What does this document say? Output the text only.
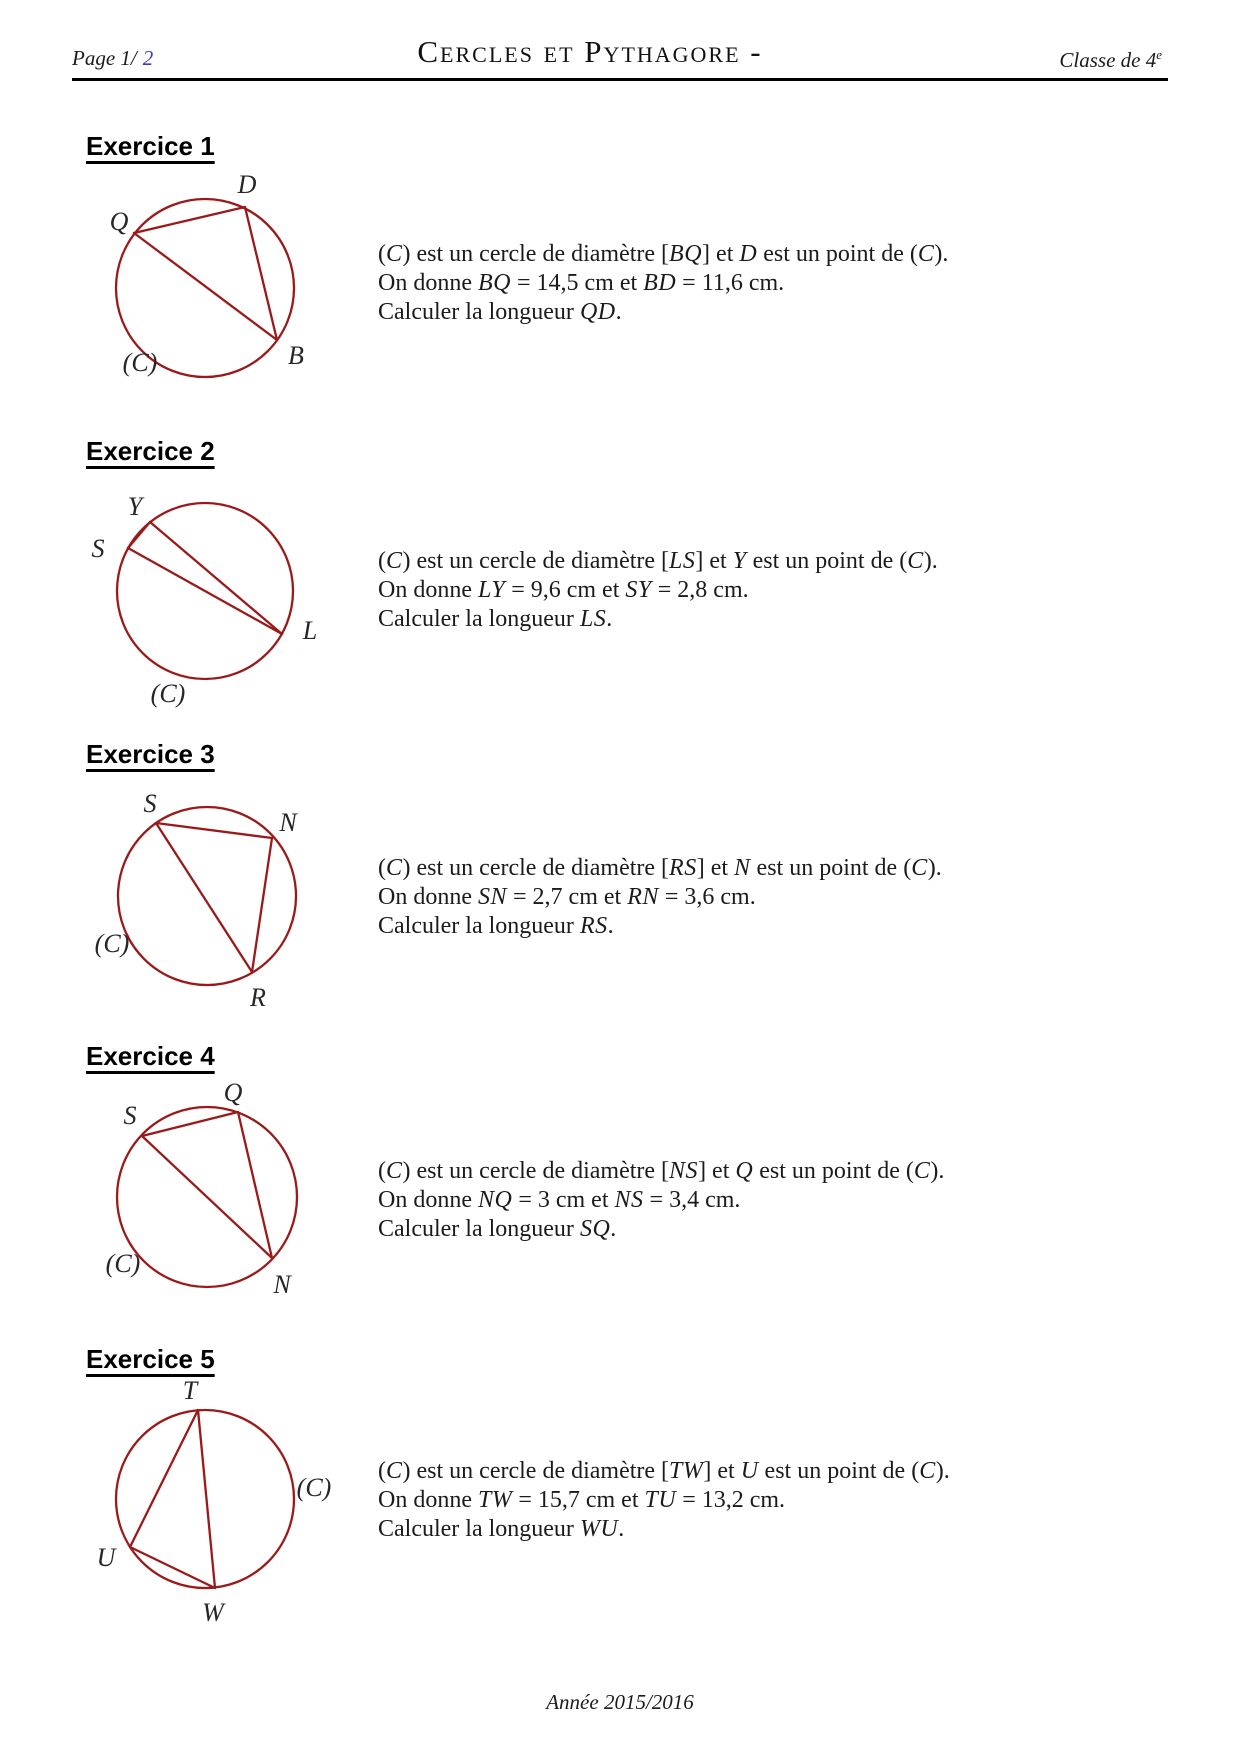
Page 1/ 2	Cercles et Pythagore -	Classe de 4e
Exercice 1
(C) est un cercle de diamètre [BQ] et D est un point de (C).
On donne BQ = 14,5 cm et BD = 11,6 cm.
Calculer la longueur QD.
D
Q
B
(C)
Exercice 2
(C) est un cercle de diamètre [LS] et Y est un point de (C).
On donne LY = 9,6 cm et SY = 2,8 cm.
Calculer la longueur LS.
Y
S
L
(C)
Exercice 3
(C) est un cercle de diamètre [RS] et N est un point de (C).
On donne SN = 2,7 cm et RN = 3,6 cm.
Calculer la longueur RS.
S
N
R
(C)
Exercice 4
(C) est un cercle de diamètre [NS] et Q est un point de (C).
On donne NQ = 3 cm et NS = 3,4 cm.
Calculer la longueur SQ.
Q
S
N
(C)
Exercice 5
(C) est un cercle de diamètre [TW] et U est un point de (C).
On donne TW = 15,7 cm et TU = 13,2 cm.
Calculer la longueur WU.
T
U
W
(C)
Année 2015/2016
